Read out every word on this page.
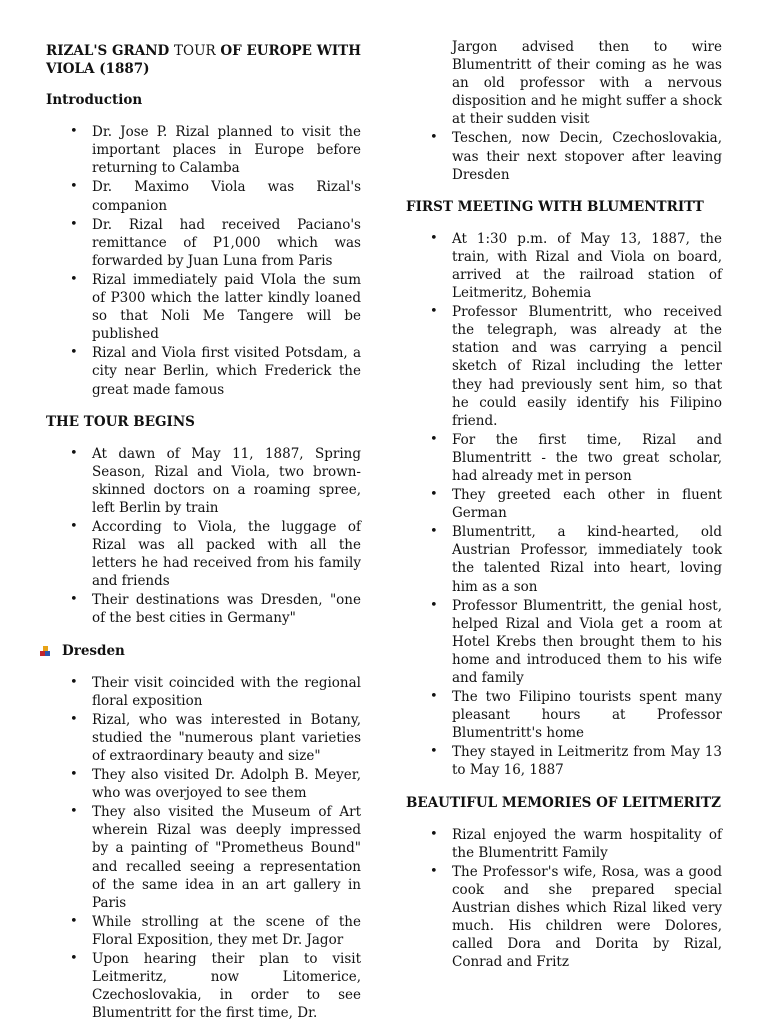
RIZAL'S GRAND TOUR OF EUROPE WITH VIOLA (1887)

Introduction
• Dr. Jose P. Rizal planned to visit the important places in Europe before returning to Calamba
• Dr. Maximo Viola was Rizal's companion
• Dr. Rizal had received Paciano's remittance of P1,000 which was forwarded by Juan Luna from Paris
• Rizal immediately paid VIola the sum of P300 which the latter kindly loaned so that Noli Me Tangere will be published
• Rizal and Viola first visited Potsdam, a city near Berlin, which Frederick the great made famous
THE TOUR BEGINS
• At dawn of May 11, 1887, Spring Season, Rizal and Viola, two brown-skinned doctors on a roaming spree, left Berlin by train
• According to Viola, the luggage of Rizal was all packed with all the letters he had received from his family and friends
• Their destinations was Dresden, "one of the best cities in Germany"
Dresden
• Their visit coincided with the regional floral exposition
• Rizal, who was interested in Botany, studied the "numerous plant varieties of extraordinary beauty and size"
• They also visited Dr. Adolph B. Meyer, who was overjoyed to see them
• They also visited the Museum of Art wherein Rizal was deeply impressed by a painting of "Prometheus Bound" and recalled seeing a representation of the same idea in an art gallery in Paris
• While strolling at the scene of the Floral Exposition, they met Dr. Jagor
• Upon hearing their plan to visit Leitmeritz, now Litomerice, Czechoslovakia, in order to see Blumentritt for the first time, Dr.
Jargon advised then to wire Blumentritt of their coming as he was an old professor with a nervous disposition and he might suffer a shock at their sudden visit
• Teschen, now Decin, Czechoslovakia, was their next stopover after leaving Dresden
FIRST MEETING WITH BLUMENTRITT
• At 1:30 p.m. of May 13, 1887, the train, with Rizal and Viola on board, arrived at the railroad station of Leitmeritz, Bohemia
• Professor Blumentritt, who received the telegraph, was already at the station and was carrying a pencil sketch of Rizal including the letter they had previously sent him, so that he could easily identify his Filipino friend.
• For the first time, Rizal and Blumentritt - the two great scholar, had already met in person
• They greeted each other in fluent German
• Blumentritt, a kind-hearted, old Austrian Professor, immediately took the talented Rizal into heart, loving him as a son
• Professor Blumentritt, the genial host, helped Rizal and Viola get a room at Hotel Krebs then brought them to his home and introduced them to his wife and family
• The two Filipino tourists spent many pleasant hours at Professor Blumentritt's home
• They stayed in Leitmeritz from May 13 to May 16, 1887
BEAUTIFUL MEMORIES OF LEITMERITZ
• Rizal enjoyed the warm hospitality of the Blumentritt Family
• The Professor's wife, Rosa, was a good cook and she prepared special Austrian dishes which Rizal liked very much. His children were Dolores, called Dora and Dorita by Rizal, Conrad and Fritz
